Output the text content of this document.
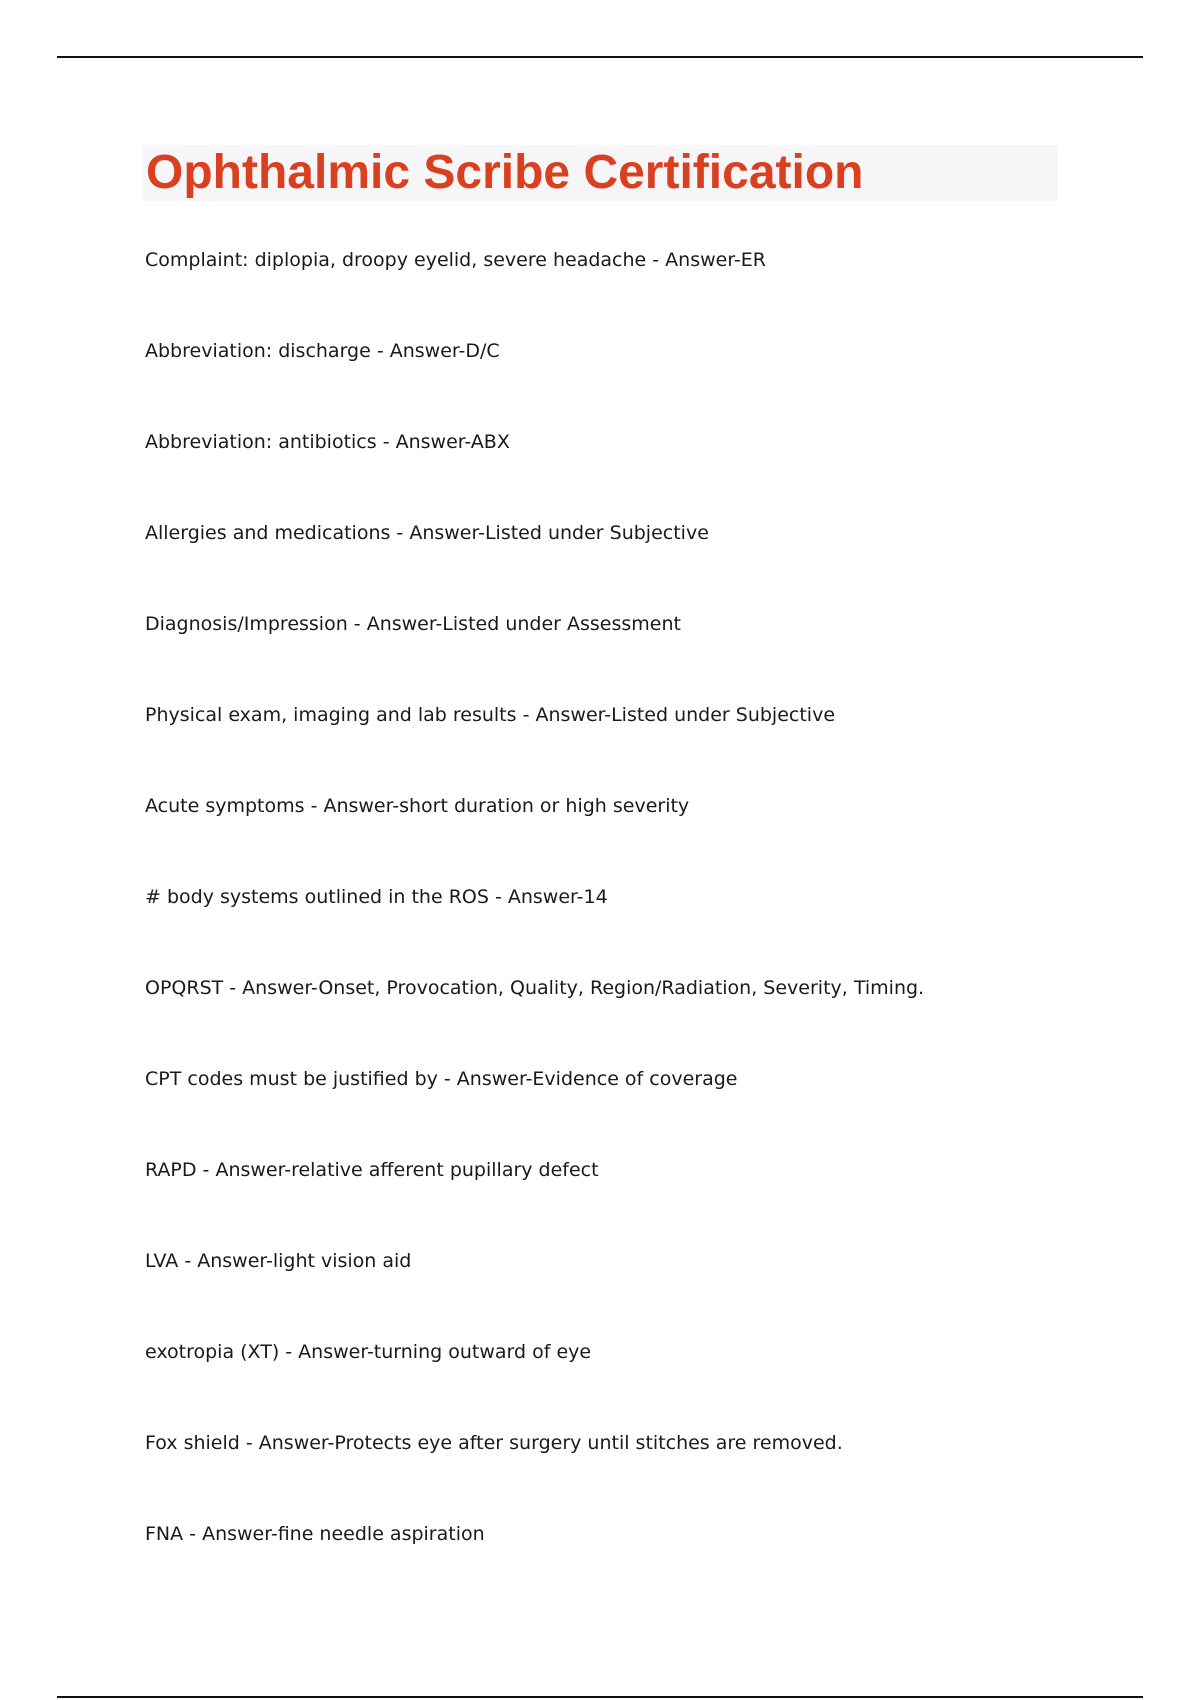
Ophthalmic Scribe Certification
Complaint: diplopia, droopy eyelid, severe headache - Answer-ER
Abbreviation: discharge - Answer-D/C
Abbreviation: antibiotics - Answer-ABX
Allergies and medications - Answer-Listed under Subjective
Diagnosis/Impression - Answer-Listed under Assessment
Physical exam, imaging and lab results - Answer-Listed under Subjective
Acute symptoms - Answer-short duration or high severity
# body systems outlined in the ROS - Answer-14
OPQRST - Answer-Onset, Provocation, Quality, Region/Radiation, Severity, Timing.
CPT codes must be justified by - Answer-Evidence of coverage
RAPD - Answer-relative afferent pupillary defect
LVA - Answer-light vision aid
exotropia (XT) - Answer-turning outward of eye
Fox shield - Answer-Protects eye after surgery until stitches are removed.
FNA - Answer-fine needle aspiration
